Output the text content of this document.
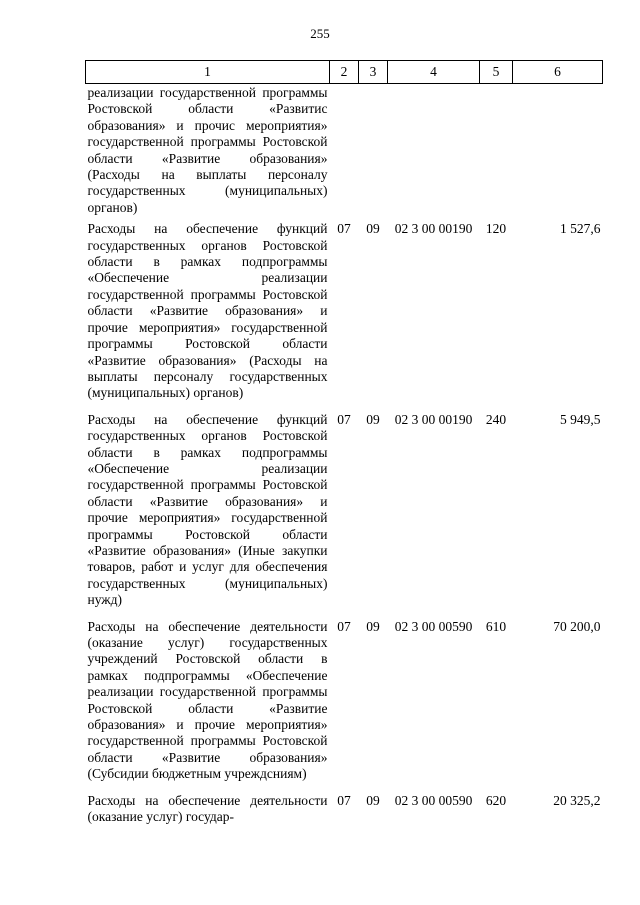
255
1	2	3	4	5	6
реализации государственной программы Ростовской области «Развитис образования» и прочис мероприятия» государственной программы Ростовской области «Развитие образования» (Расходы на выплаты персоналу государственных (муниципальных) органов)					
Расходы на обеспечение функций государственных органов Ростовской области в рамках подпрограммы «Обеспечение реализации государственной программы Ростовской области «Развитие образования» и прочие мероприятия» государственной программы Ростовской области «Развитие образования» (Расходы на выплаты персоналу государственных (муниципальных) органов)	07	09	02 3 00 00190	120	1 527,6
Расходы на обеспечение функций государственных органов Ростовской области в рамках подпрограммы «Обеспечение реализации государственной программы Ростовской области «Развитие образования» и прочие мероприятия» государственной программы Ростовской области «Развитие образования» (Иные закупки товаров, работ и услуг для обеспечения государственных (муниципальных) нужд)	07	09	02 3 00 00190	240	5 949,5
Расходы на обеспечение деятельности (оказание услуг) государственных учреждений Ростовской области в рамках подпрограммы «Обеспечение реализации государственной программы Ростовской области «Развитие образования» и прочие мероприятия» государственной программы Ростовской области «Развитие образования» (Субсидии бюджетным учреждсниям)	07	09	02 3 00 00590	610	70 200,0
Расходы на обеспечение деятельности (оказание услуг) государ-	07	09	02 3 00 00590	620	20 325,2
